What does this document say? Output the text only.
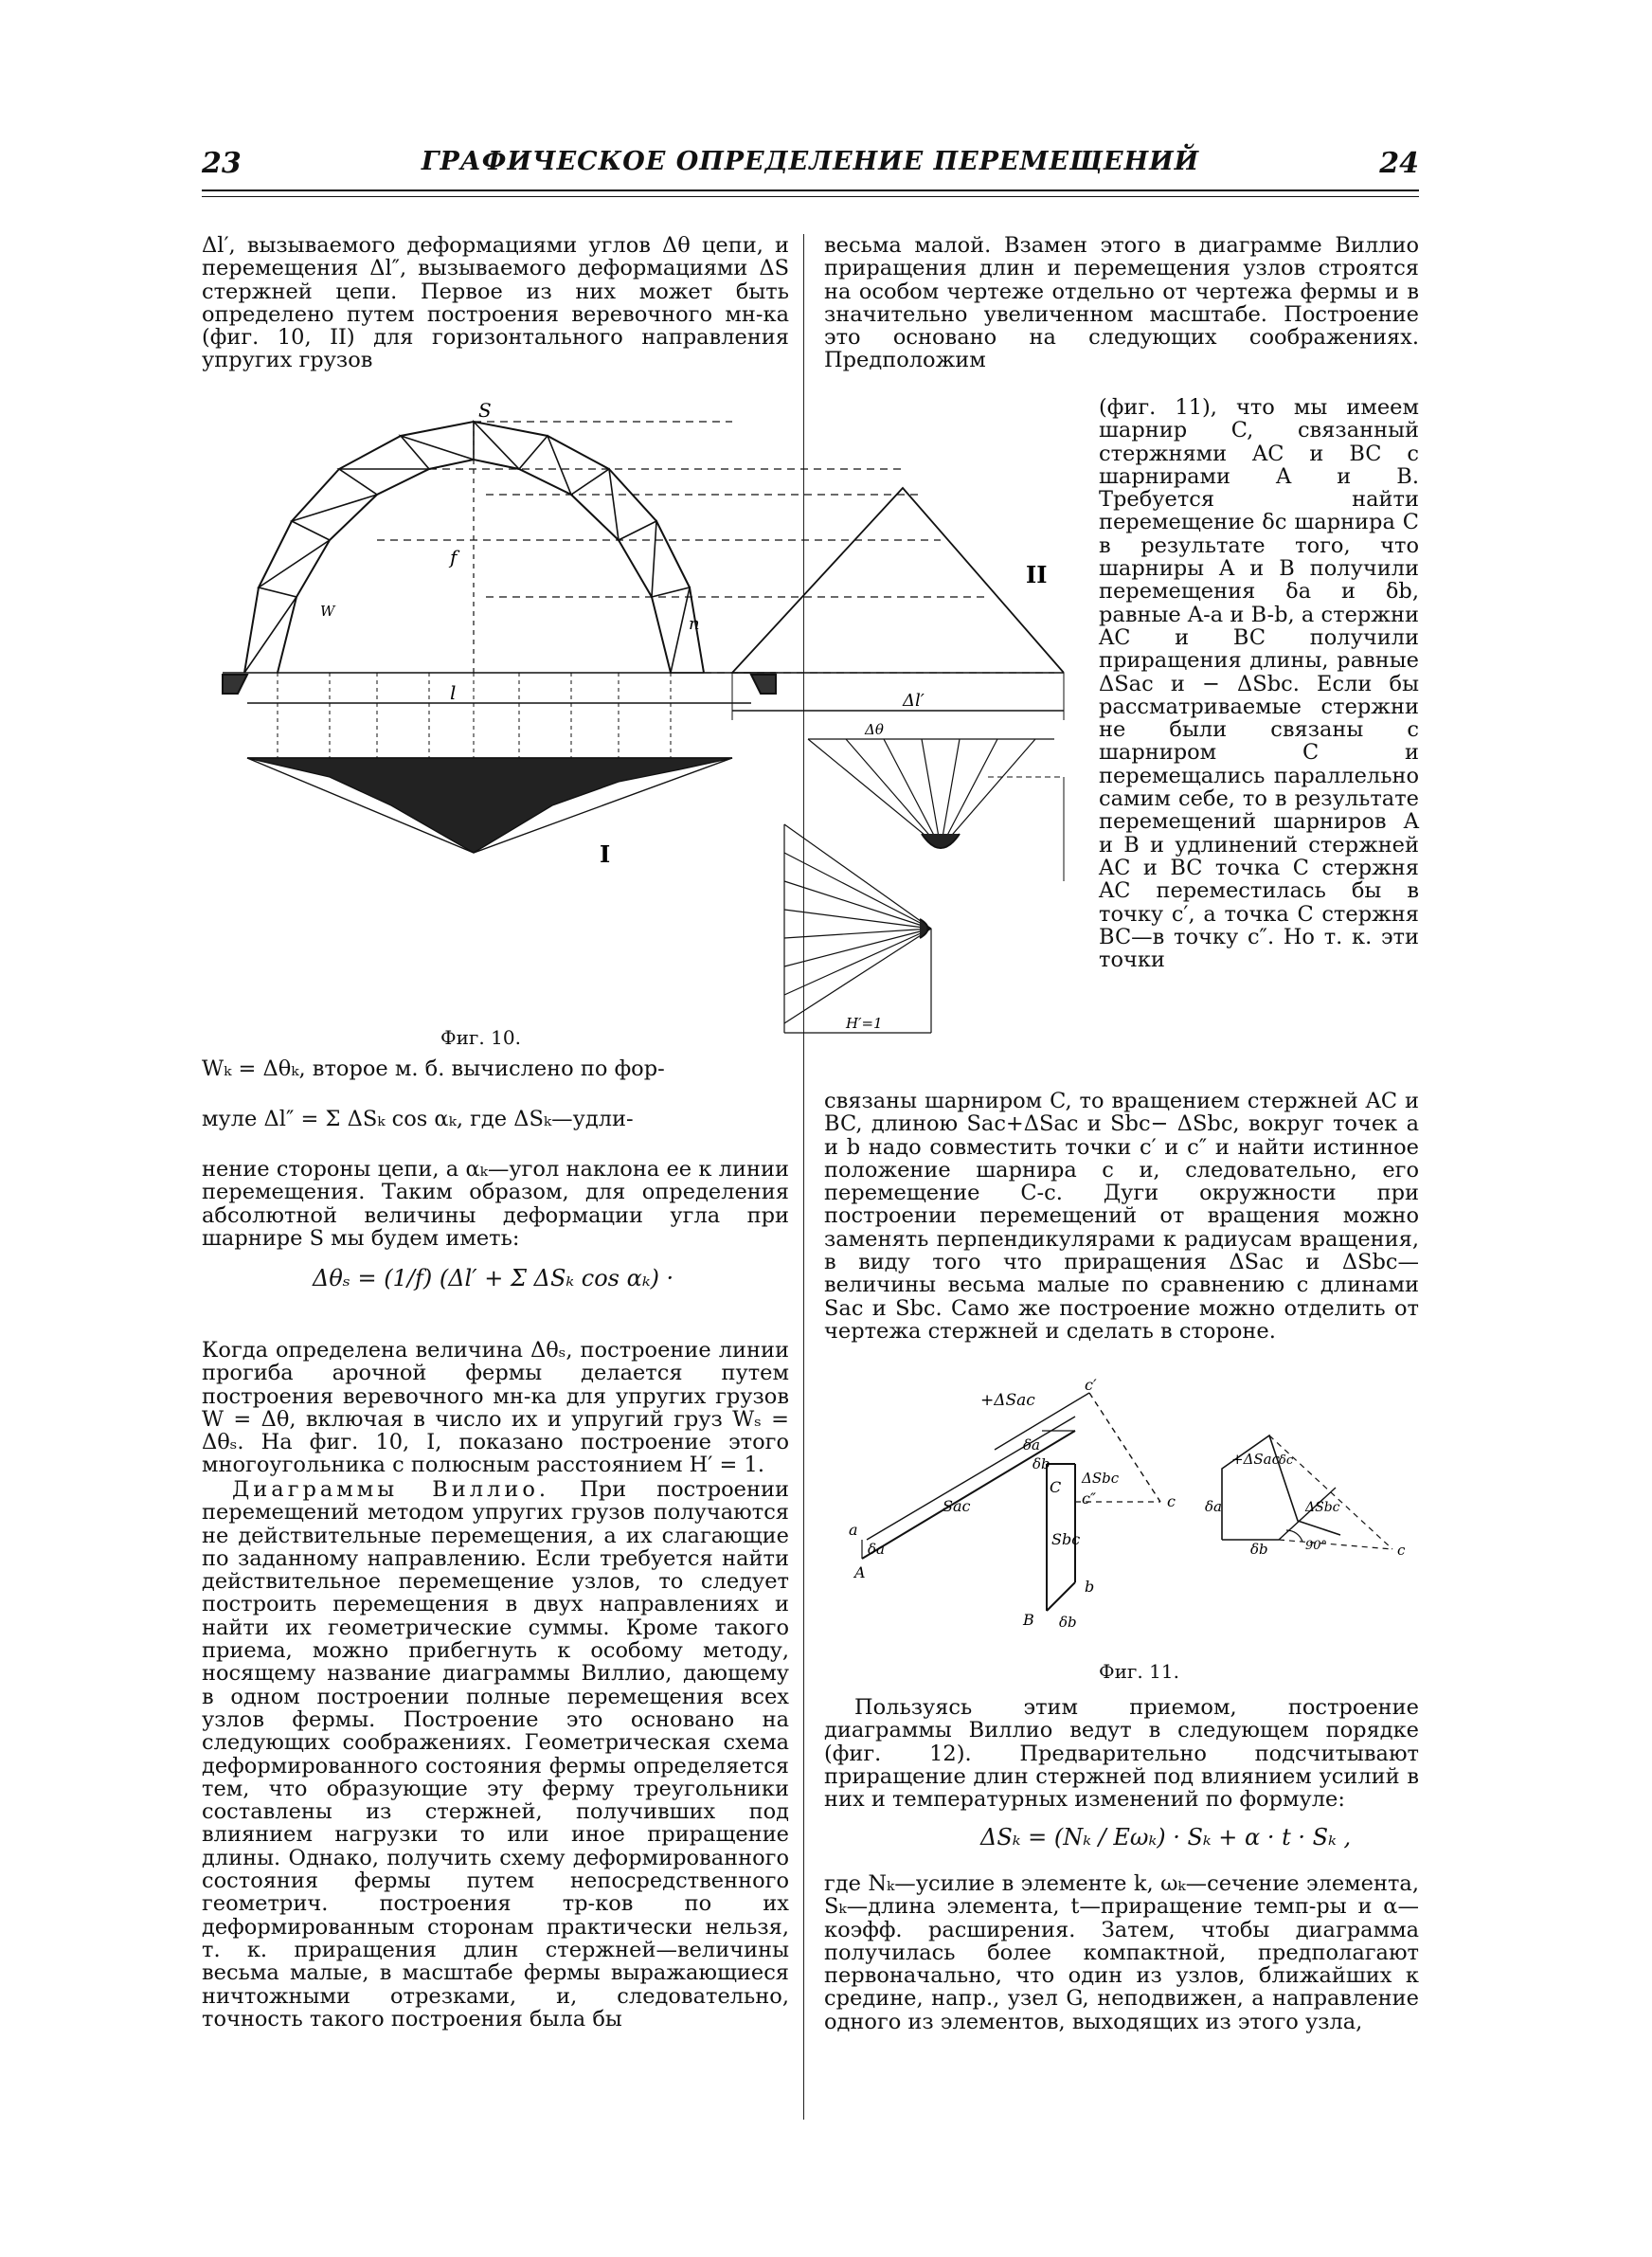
23	ГРАФИЧЕСКОЕ ОПРЕДЕЛЕНИЕ ПЕРЕМЕЩЕНИЙ	24

Δl′, вызываемого деформациями углов Δθ цепи, и перемещения Δl″, вызываемого деформациями ΔS стержней цепи. Первое из них может быть определено путем построения веревочного мн-ка (фиг. 10, II) для горизонтального направления упругих грузов

S
f
l
n
I
II
Δl′
Δθ
H′=1
W
Фиг. 10.
Wₖ = Δθₖ, второе м. б. вычислено по фор-
муле Δl″ = Σ ΔSₖ cos αₖ, где ΔSₖ—удли-

нение стороны цепи, а αₖ—угол наклона ее к линии перемещения. Таким образом, для определения абсолютной величины деформации угла при шарнире S мы будем иметь:

Δθₛ = (1/f) (Δl′ + Σ ΔSₖ cos αₖ) ·

Когда определена величина Δθₛ, построение линии прогиба арочной фермы делается путем построения веревочного мн-ка для упругих грузов W = Δθ, включая в число их и упругий груз Wₛ = Δθₛ. На фиг. 10, I, показано построение этого многоугольника с полюсным расстоянием H′ = 1.

Диаграммы Виллио. При построении перемещений методом упругих грузов получаются не действительные перемещения, а их слагающие по заданному направлению. Если требуется найти действительное перемещение узлов, то следует построить перемещения в двух направлениях и найти их геометрические суммы. Кроме такого приема, можно прибегнуть к особому методу, носящему название диаграммы Виллио, дающему в одном построении полные перемещения всех узлов фермы. Построение это основано на следующих соображениях. Геометрическая схема деформированного состояния фермы определяется тем, что образующие эту ферму треугольники составлены из стержней, получивших под влиянием нагрузки то или иное приращение длины. Однако, получить схему деформированного состояния фермы путем непосредственного геометрич. построения тр-ков по их деформированным сторонам практически нельзя, т. к. приращения длин стержней—величины весьма малые, в масштабе фермы выражающиеся ничтожными отрезками, и, следовательно, точность такого построения была бы

весьма малой. Взамен этого в диаграмме Виллио приращения длин и перемещения узлов строятся на особом чертеже отдельно от чертежа фермы и в значительно увеличенном масштабе. Построение это основано на следующих соображениях. Предположим

(фиг. 11), что мы имеем шарнир C, связанный стержнями AC и BC с шарнирами A и B. Требуется найти перемещение δc шарнира C в результате того, что шарниры A и B получили перемещения δa и δb, равные A-a и B-b, а стержни AC и BC получили приращения длины, равные ΔSac и − ΔSbc. Если бы рассматриваемые стержни не были связаны с шарниром C и перемещались параллельно самим себе, то в результате перемещений шарниров A и B и удлинений стержней AC и BC точка C стержня AC переместилась бы в точку c′, а точка C стержня BC—в точку c″. Но т. к. эти точки

связаны шарниром C, то вращением стержней AC и BC, длиною Sac+ΔSac и Sbc− ΔSbc, вокруг точек a и b надо совместить точки c′ и c″ и найти истинное положение шарнира c и, следовательно, его перемещение C-c. Дуги окружности при построении перемещений от вращения можно заменять перпендикулярами к радиусам вращения, в виду того что приращения ΔSac и ΔSbc—величины весьма малые по сравнению с длинами Sac и Sbc. Само же построение можно отделить от чертежа стержней и сделать в стороне.

+ΔSac
c′
c
c″
ΔSbc
C
δa
δb
Sac
Sbc
a
δa
A
b
δb
B
+ΔSac
δa
δb
ΔSbc
δc
90°	c
Фиг. 11.

Пользуясь этим приемом, построение диаграммы Виллио ведут в следующем порядке (фиг. 12). Предварительно подсчитывают приращение длин стержней под влиянием усилий в них и температурных изменений по формуле:

ΔSₖ = (Nₖ / Eωₖ) · Sₖ + α · t · Sₖ ,

где Nₖ—усилие в элементе k, ωₖ—сечение элемента, Sₖ—длина элемента, t—приращение темп-ры и α—коэфф. расширения. Затем, чтобы диаграмма получилась более компактной, предполагают первоначально, что один из узлов, ближайших к средине, напр., узел G, неподвижен, а направление одного из элементов, выходящих из этого узла,
